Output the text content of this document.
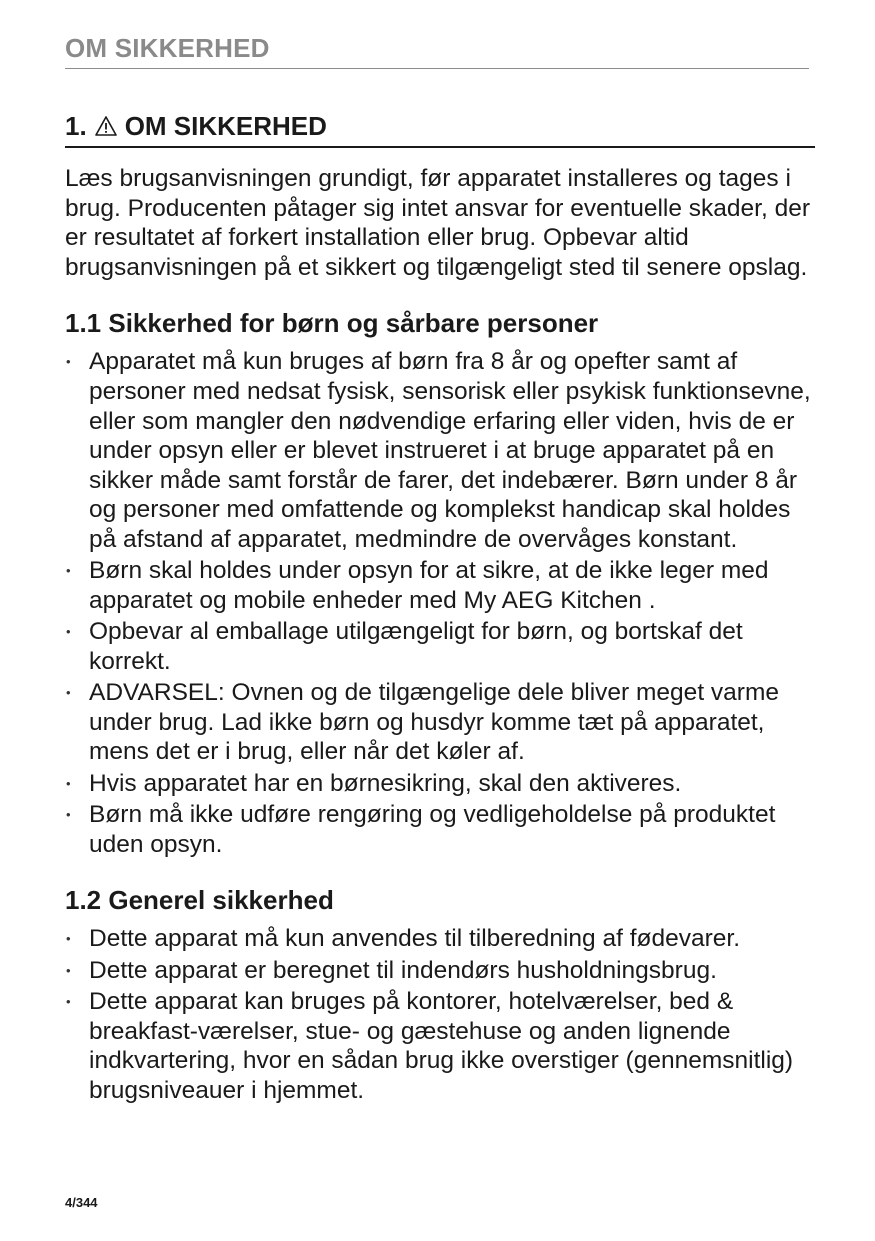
OM SIKKERHED
1. OM SIKKERHED

Læs brugsanvisningen grundigt, før apparatet installeres og tages i brug. Producenten påtager sig intet ansvar for eventuelle skader, der er resultatet af forkert installation eller brug. Opbevar altid brugsanvisningen på et sikkert og tilgængeligt sted til senere opslag.

1.1 Sikkerhed for børn og sårbare personer
• Apparatet må kun bruges af børn fra 8 år og opefter samt af personer med nedsat fysisk, sensorisk eller psykisk funktionsevne, eller som mangler den nødvendige erfaring eller viden, hvis de er under opsyn eller er blevet instrueret i at bruge apparatet på en sikker måde samt forstår de farer, det indebærer. Børn under 8 år og personer med omfattende og komplekst handicap skal holdes på afstand af apparatet, medmindre de overvåges konstant.
• Børn skal holdes under opsyn for at sikre, at de ikke leger med apparatet og mobile enheder med My AEG Kitchen .
• Opbevar al emballage utilgængeligt for børn, og bortskaf det korrekt.
• ADVARSEL: Ovnen og de tilgængelige dele bliver meget varme under brug. Lad ikke børn og husdyr komme tæt på apparatet, mens det er i brug, eller når det køler af.
• Hvis apparatet har en børnesikring, skal den aktiveres.
• Børn må ikke udføre rengøring og vedligeholdelse på produktet uden opsyn.
1.2 Generel sikkerhed
• Dette apparat må kun anvendes til tilberedning af fødevarer.
• Dette apparat er beregnet til indendørs husholdningsbrug.
• Dette apparat kan bruges på kontorer, hotelværelser, bed & breakfast-værelser, stue- og gæstehuse og anden lignende indkvartering, hvor en sådan brug ikke overstiger (gennemsnitlig) brugsniveauer i hjemmet.
4/344
